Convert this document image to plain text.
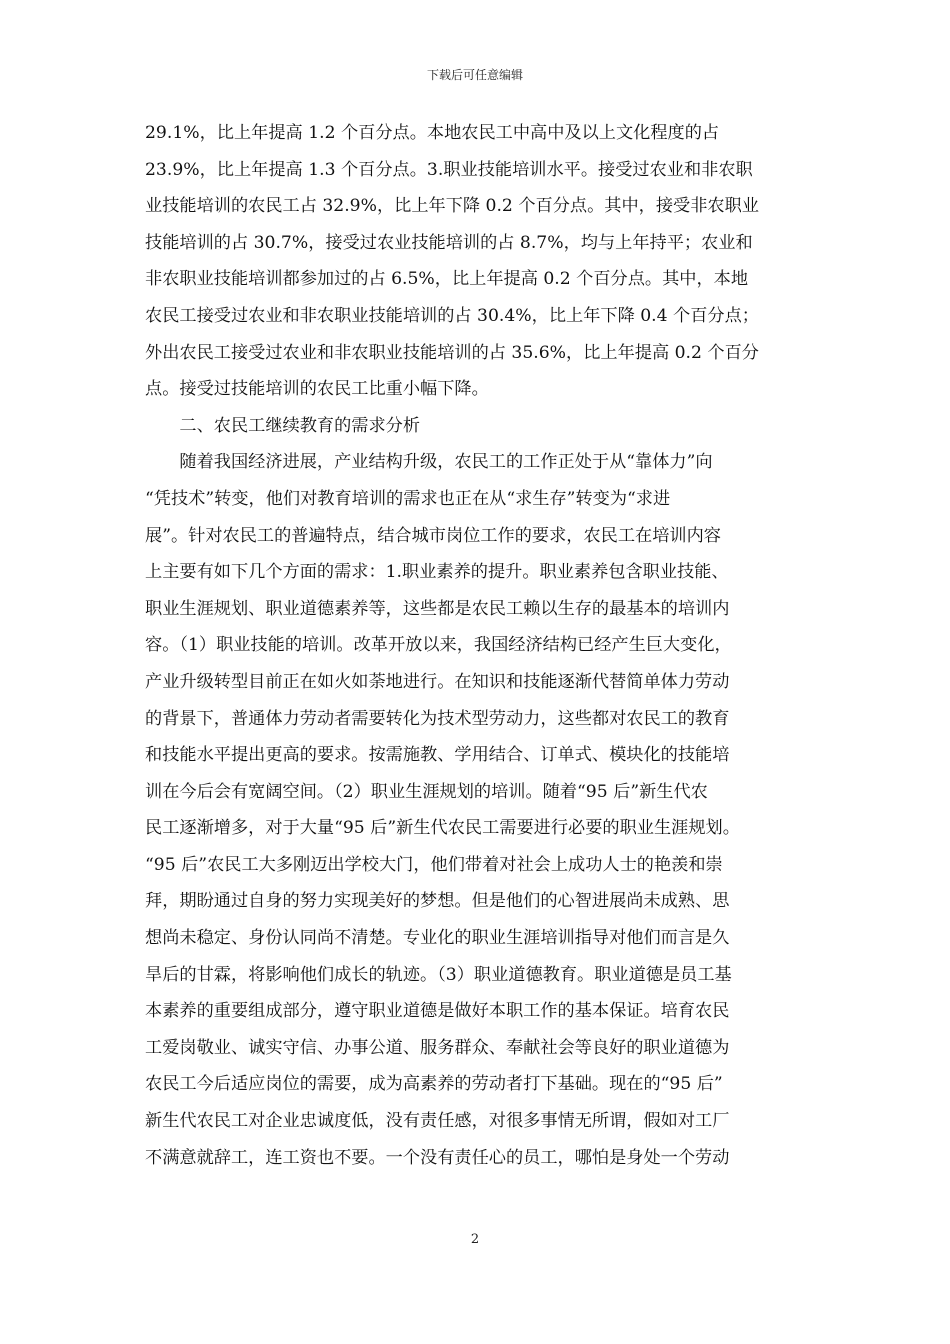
下载后可任意编辑

29.1%，比上年提高 1.2 个百分点。本地农民工中高中及以上文化程度的占

23.9%，比上年提高 1.3 个百分点。3.职业技能培训水平。接受过农业和非农职

业技能培训的农民工占 32.9%，比上年下降 0.2 个百分点。其中，接受非农职业

技能培训的占 30.7%，接受过农业技能培训的占 8.7%，均与上年持平；农业和

非农职业技能培训都参加过的占 6.5%，比上年提高 0.2 个百分点。其中，本地

农民工接受过农业和非农职业技能培训的占 30.4%，比上年下降 0.4 个百分点；

外出农民工接受过农业和非农职业技能培训的占 35.6%，比上年提高 0.2 个百分

点。接受过技能培训的农民工比重小幅下降。

　　二、农民工继续教育的需求分析

　　随着我国经济进展，产业结构升级，农民工的工作正处于从“靠体力”向

“凭技术”转变，他们对教育培训的需求也正在从“求生存”转变为“求进

展”。针对农民工的普遍特点，结合城市岗位工作的要求，农民工在培训内容

上主要有如下几个方面的需求：1.职业素养的提升。职业素养包含职业技能、

职业生涯规划、职业道德素养等，这些都是农民工赖以生存的最基本的培训内

容。（1）职业技能的培训。改革开放以来，我国经济结构已经产生巨大变化，

产业升级转型目前正在如火如荼地进行。在知识和技能逐渐代替简单体力劳动

的背景下，普通体力劳动者需要转化为技术型劳动力，这些都对农民工的教育

和技能水平提出更高的要求。按需施教、学用结合、订单式、模块化的技能培

训在今后会有宽阔空间。（2）职业生涯规划的培训。随着“95 后”新生代农

民工逐渐增多，对于大量“95 后”新生代农民工需要进行必要的职业生涯规划。

“95 后”农民工大多刚迈出学校大门，他们带着对社会上成功人士的艳羡和崇

拜，期盼通过自身的努力实现美好的梦想。但是他们的心智进展尚未成熟、思

想尚未稳定、身份认同尚不清楚。专业化的职业生涯培训指导对他们而言是久

旱后的甘霖，将影响他们成长的轨迹。（3）职业道德教育。职业道德是员工基

本素养的重要组成部分，遵守职业道德是做好本职工作的基本保证。培育农民

工爱岗敬业、诚实守信、办事公道、服务群众、奉献社会等良好的职业道德为

农民工今后适应岗位的需要，成为高素养的劳动者打下基础。现在的“95 后”

新生代农民工对企业忠诚度低，没有责任感，对很多事情无所谓，假如对工厂

不满意就辞工，连工资也不要。一个没有责任心的员工，哪怕是身处一个劳动

2
